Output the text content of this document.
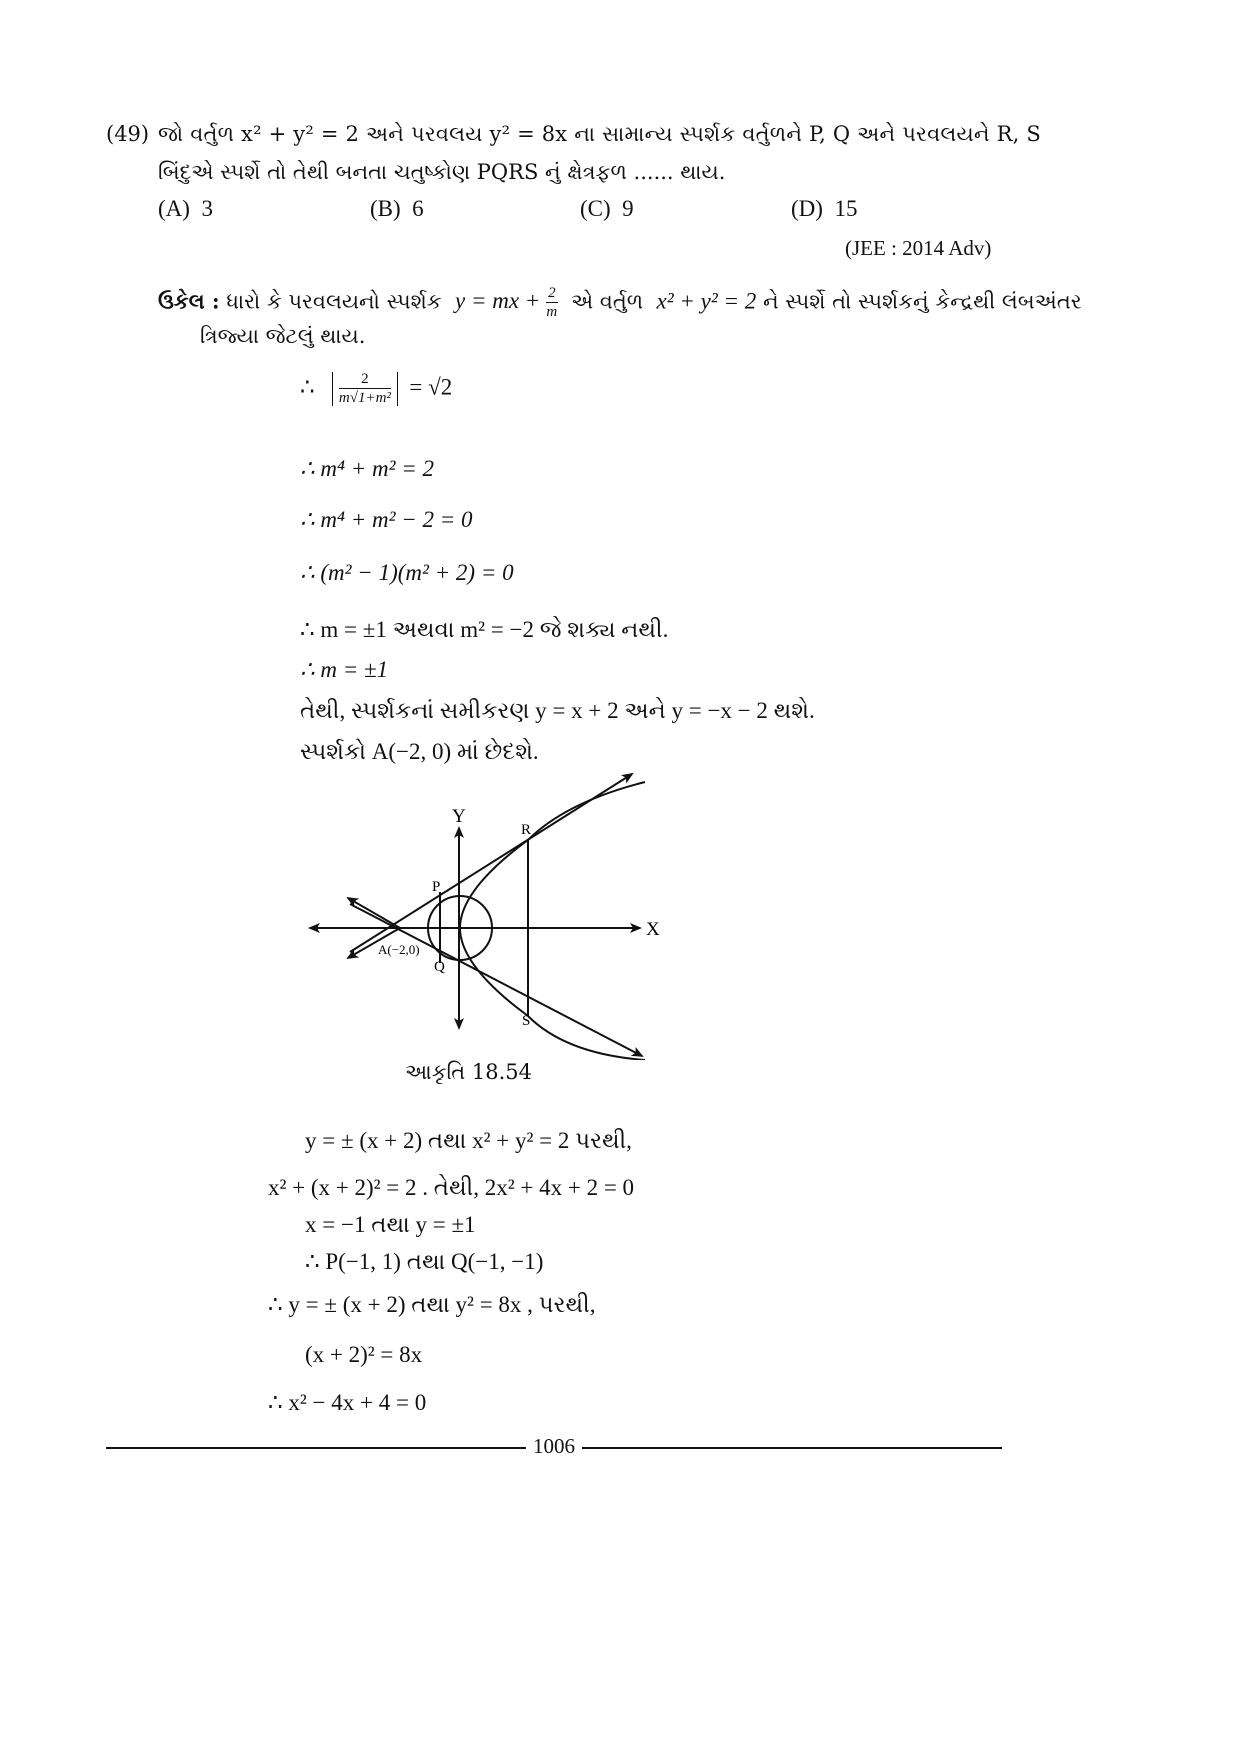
(49) જો વર્તુળ x² + y² = 2 અને પરવલય y² = 8x ના સામાન્ય સ્પર્શક વર્તુળને P, Q અને પરવલયને R, S
બિંદુએ સ્પર્શે તો તેથી બનતા ચતુષ્કોણ PQRS નું ક્ષેત્રફળ ...... થાય.
(A) 3	(B) 6	(C) 9	(D) 15
(JEE : 2014 Adv)
ઉકેલ : ધારો કે પરવલયનો સ્પર્શક y = mx + $\frac{2}{m}$ એ વર્તુળ x² + y² = 2 ને સ્પર્શે તો સ્પર્શકનું કેન્દ્રથી લંબઅંતર
ત્રિજ્યા જેટલું થાય.
∴ $\frac{2}{\text{m√1+m²}} = √2$
∴ m⁴ + m² = 2
∴ m⁴ + m² − 2 = 0
∴ (m² − 1)(m² + 2) = 0
∴ m = ±1 અથવા m² = −2 જે શક્ય નથી.
∴ m = ±1
તેથી, સ્પર્શકનાં સમીકરણ y = x + 2 અને y = −x − 2 થશે.
સ્પર્શકો A(−2, 0) માં છેદશે.
Y
X
P
Q
R
S
A(−2,0)
આકૃતિ 18.54
y = ± (x + 2) તથા x² + y² = 2 પરથી,
x² + (x + 2)² = 2 . તેથી, 2x² + 4x + 2 = 0
x = −1 તથા y = ±1
∴ P(−1, 1) તથા Q(−1, −1)
∴ y = ± (x + 2) તથા y² = 8x , પરથી,
(x + 2)² = 8x
∴ x² − 4x + 4 = 0
1006
